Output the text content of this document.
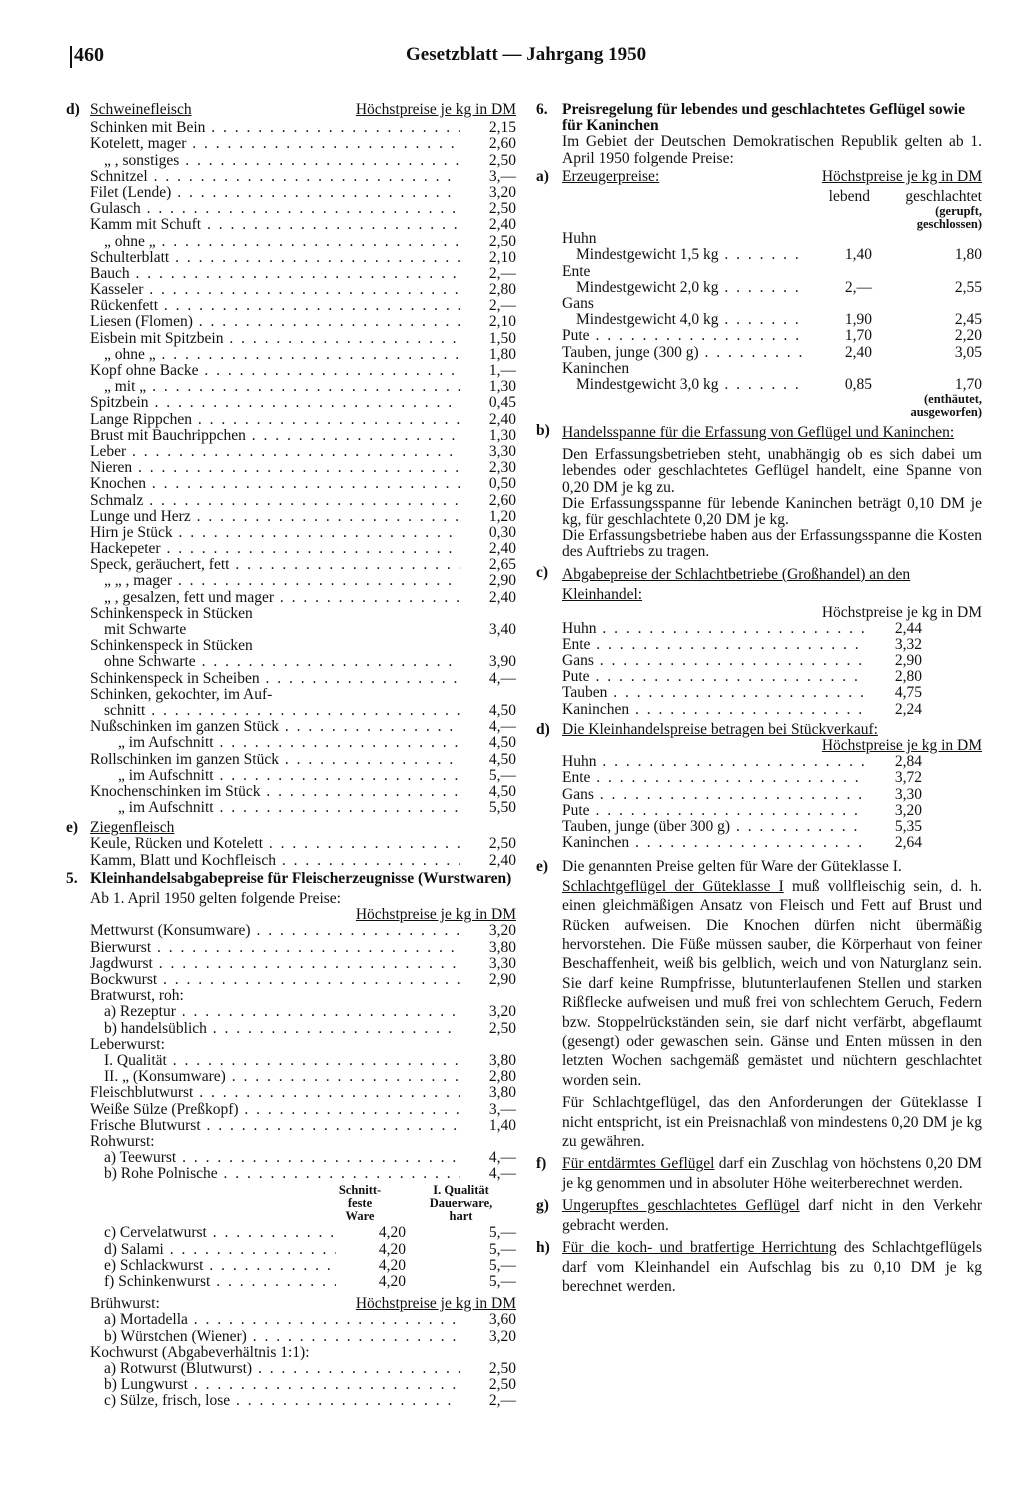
460	Gesetzblatt — Jahrgang 1950
d) Schweinefleisch	Höchstpreise je kg in DM
Schinken mit Bein . . .	2,15
Kotelett, mager . . .	2,60
„ , sonstiges . . .	2,50
Schnitzel . . .	3,—
Filet (Lende) . . .	3,20
Gulasch . . .	2,50
Kamm mit Schuft . . .	2,40
„ ohne „ . . .	2,50
Schulterblatt . . .	2,10
Bauch . . .	2,—
Kasseler . . .	2,80
Rückenfett . . .	2,—
Liesen (Flomen) . . .	2,10
Eisbein mit Spitzbein . . .	1,50
„ ohne „ . . .	1,80
Kopf ohne Backe . . .	1,—
„ mit „ . . .	1,30
Spitzbein . . .	0,45
Lange Rippchen . . .	2,40
Brust mit Bauchrippchen . . .	1,30
Leber . . .	3,30
Nieren . . .	2,30
Knochen . . .	0,50
Schmalz . . .	2,60
Lunge und Herz . . .	1,20
Hirn je Stück . . .	0,30
Hackepeter . . .	2,40
Speck, geräuchert, fett . . .	2,65
„ „ , mager . . .	2,90
„ , gesalzen, fett und mager . . .	2,40
Schinkenspeck in Stücken
mit Schwarte	3,40
Schinkenspeck in Stücken
ohne Schwarte . . .	3,90
Schinkenspeck in Scheiben . . .	4,—
Schinken, gekochter, im Auf-
schnitt . . .	4,50
Nußschinken im ganzen Stück . . .	4,—
„ im Aufschnitt . . .	4,50
Rollschinken im ganzen Stück . . .	4,50
„ im Aufschnitt . . .	5,—
Knochenschinken im Stück . . .	4,50
„ im Aufschnitt . . .	5,50
e) Ziegenfleisch
Keule, Rücken und Kotelett . . .	2,50
Kamm, Blatt und Kochfleisch . . .	2,40
5. Kleinhandelsabgabepreise für Fleischerzeugnisse (Wurstwaren)
Ab 1. April 1950 gelten folgende Preise:
Höchstpreise je kg in DM
Mettwurst (Konsumware) . . .	3,20
Bierwurst . . .	3,80
Jagdwurst . . .	3,30
Bockwurst . . .	2,90
Bratwurst, roh:
a) Rezeptur . . .	3,20
b) handelsüblich . . .	2,50
Leberwurst:
I. Qualität . . .	3,80
II. „ (Konsumware) . . .	2,80
Fleischblutwurst . . .	3,80
Weiße Sülze (Preßkopf) . . .	3,—
Frische Blutwurst . . .	1,40
Rohwurst:
a) Teewurst . . .	4,—
b) Rohe Polnische . . .	4,—
Schnitt-
feste
Ware
I. Qualität
Dauerware,
hart
c) Cervelatwurst . . .	4,20	5,—
d) Salami . . .	4,20	5,—
e) Schlackwurst . . .	4,20	5,—
f) Schinkenwurst . . .	4,20	5,—
Brühwurst:	Höchstpreise je kg in DM
a) Mortadella . . .	3,60
b) Würstchen (Wiener) . . .	3,20
Kochwurst (Abgabeverhältnis 1:1):
a) Rotwurst (Blutwurst) . . .	2,50
b) Lungwurst . . .	2,50
c) Sülze, frisch, lose . . .	2,—
6. Preisregelung für lebendes und geschlachtetes Geflügel sowie für Kaninchen

Im Gebiet der Deutschen Demokratischen Republik gelten ab 1. April 1950 folgende Preise:

a) Erzeugerpreise:	Höchstpreise je kg in DM
lebend	geschlachtet
(gerupft,
geschlossen)
Huhn
Mindestgewicht 1,5 kg . . .	1,40	1,80
Ente
Mindestgewicht 2,0 kg . . .	2,—	2,55
Gans
Mindestgewicht 4,0 kg . . .	1,90	2,45
Pute . . .	1,70	2,20
Tauben, junge (300 g) . . .	2,40	3,05
Kaninchen
Mindestgewicht 3,0 kg . . .	0,85	1,70
(enthäutet,
ausgeworfen)
b) Handelsspanne für die Erfassung von Geflügel und Kaninchen:

Den Erfassungsbetrieben steht, unabhängig ob es sich dabei um lebendes oder geschlachtetes Geflügel handelt, eine Spanne von 0,20 DM je kg zu.

Die Erfassungsspanne für lebende Kaninchen beträgt 0,10 DM je kg, für geschlachtete 0,20 DM je kg.

Die Erfassungsbetriebe haben aus der Erfassungsspanne die Kosten des Auftriebs zu tragen.

c) Abgabepreise der Schlachtbetriebe (Großhandel) an den Kleinhandel:
Höchstpreise je kg in DM
Huhn . . .	2,44
Ente . . .	3,32
Gans . . .	2,90
Pute . . .	2,80
Tauben . . .	4,75
Kaninchen . . .	2,24
d) Die Kleinhandelspreise betragen bei Stückverkauf:
Höchstpreise je kg in DM
Huhn . . .	2,84
Ente . . .	3,72
Gans . . .	3,30
Pute . . .	3,20
Tauben, junge (über 300 g) . . .	5,35
Kaninchen . . .	2,64
e) Die genannten Preise gelten für Ware der Güteklasse I.

Schlachtgeflügel der Güteklasse I muß vollfleischig sein, d. h. einen gleichmäßigen Ansatz von Fleisch und Fett auf Brust und Rücken aufweisen. Die Knochen dürfen nicht übermäßig hervorstehen. Die Füße müssen sauber, die Körperhaut von feiner Beschaffenheit, weiß bis gelblich, weich und von Naturglanz sein. Sie darf keine Rumpfrisse, blutunterlaufenen Stellen und starken Rißflecke aufweisen und muß frei von schlechtem Geruch, Federn bzw. Stoppelrückständen sein, sie darf nicht verfärbt, abgeflaumt (gesengt) oder gewaschen sein. Gänse und Enten müssen in den letzten Wochen sachgemäß gemästet und nüchtern geschlachtet worden sein.

Für Schlachtgeflügel, das den Anforderungen der Güteklasse I nicht entspricht, ist ein Preisnachlaß von mindestens 0,20 DM je kg zu gewähren.

f) Für entdärmtes Geflügel darf ein Zuschlag von höchstens 0,20 DM je kg genommen und in absoluter Höhe weiterberechnet werden.

g) Ungerupftes geschlachtetes Geflügel darf nicht in den Verkehr gebracht werden.

h) Für die koch- und bratfertige Herrichtung des Schlachtgeflügels darf vom Kleinhandel ein Aufschlag bis zu 0,10 DM je kg berechnet werden.
